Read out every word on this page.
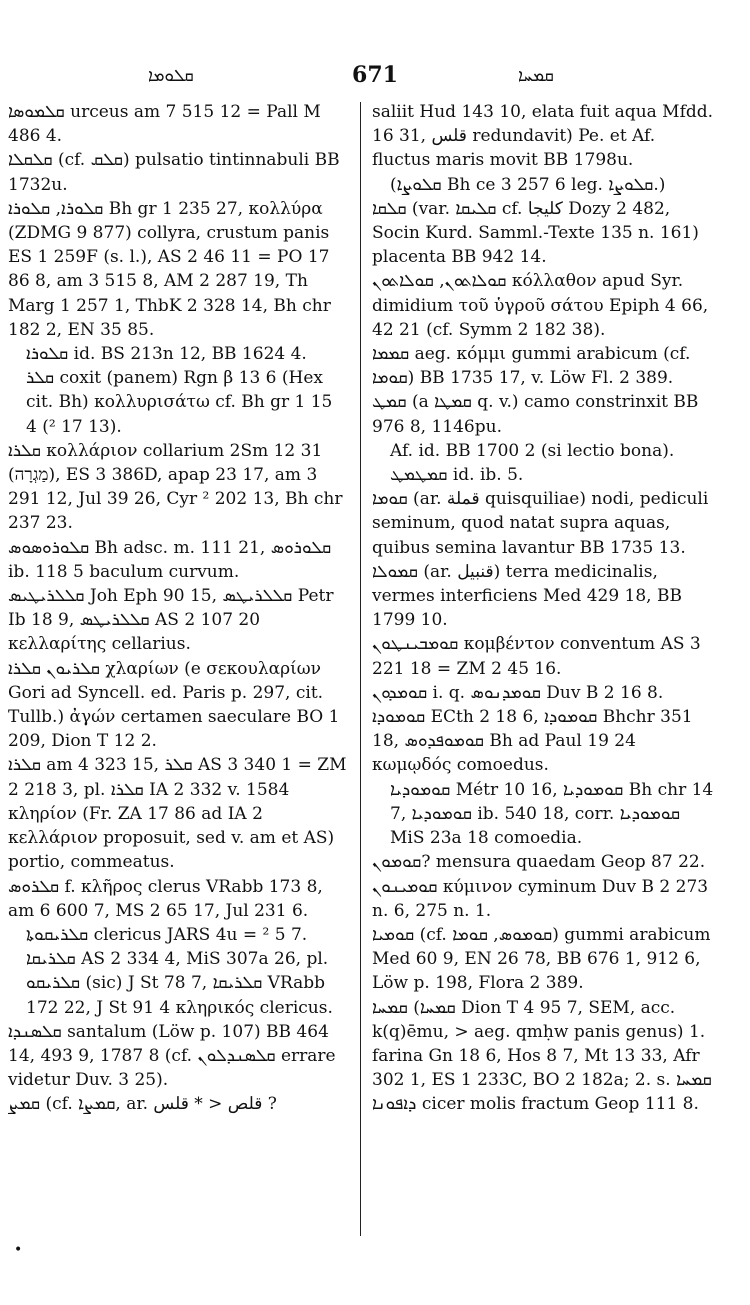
ܩܠܘܡܐ	671	ܩܡܚܐ
ܩܠܡܘܣܐ urceus am 7 515 12 = Pall M 486 4.
ܩܠܩܠܐ (cf. ܩܠܩ) pulsatio tintinnabuli BB 1732u.
ܩܠܘܪܐ, ܩܠܘܪܐ Bh gr 1 235 27, κολλύρα (ZDMG 9 877) collyra, crustum panis ES 1 259F (s. l.), AS 2 46 11 = PO 17 86 8, am 3 515 8, AM 2 287 19, Th Marg 1 257 1, ThbK 2 328 14, Bh chr 182 2, EN 35 85.
ܩܠܘܪܐ id. BS 213n 12, BB 1624 4.
ܩܠܪ coxit (panem) Rgn β 13 6 (Hex cit. Bh) κολλυρισάτω cf. Bh gr 1 15 4 (² 17 13).
ܩܠܪܐ κολλάριον collarium 2Sm 12 31 (מַגְרָה), ES 3 386D, apap 23 17, am 3 291 12, Jul 39 26, Cyr ² 202 13, Bh chr 237 23.
ܩܠܘܪܘܣܘܣ Bh adsc. m. 111 21, ܩܠܘܪܘܣ ib. 118 5 baculum curvum.
ܩܠܠܪܝܛܝܣ Joh Eph 90 15, ܩܠܠܪܝܛܣ Petr Ib 18 9, ܩܠܠܪܝܛܣ AS 2 107 20 κελλαρίτης cellarius.
ܩܠܪܝܘܢ ܩܠܪܐ χλαρίων (e σεκουλαρίων Gori ad Syncell. ed. Paris p. 297, cit. Tullb.) ἀγών certamen saeculare BO 1 209, Dion T 12 2.
ܩܠܪܐ am 4 323 15, ܩܠܪ AS 3 340 1 = ZM 2 218 3, pl. ܩܠܪܐ IA 2 332 v. 1584 κληρίον (Fr. ZA 17 86 ad IA 2 κελλάριον proposuit, sed v. am et AS) portio, commeatus.
ܩܠܪܘܣ f. κλῆρος clerus VRabb 173 8, am 6 600 7, MS 2 65 17, Jul 231 6.
ܩܠܪܝܩܘܬܐ clericus JARS 4u = ² 5 7.
ܩܠܪܝܩܐ AS 2 334 4, MiS 307a 26, pl. ܩܠܪܝܩܘ (sic) J St 78 7, ܩܠܪܝܩܐ VRabb 172 22, J St 91 4 κληρικός clericus.
ܩܠܣܢܕܐ santalum (Löw p. 107) BB 464 14, 493 9, 1787 8 (cf. ܩܠܣܢܕܠܘܢ errare videtur Duv. 3 25).
ܩܡܨ (cf. ܩܡܨܐ, ar. قلص < * قلس ?
saliit Hud 143 10, elata fuit aqua Mfdd. 16 31, قلس redundavit) Pe. et Af. fluctus maris movit BB 1798u.
(ܩܠܘܨܐ Bh ce 3 257 6 leg. ܩܠܘܨܐ.)
ܩܠܩܐ (var. ܩܠܝܩܐ cf. كليجا Dozy 2 482, Socin Kurd. Samml.-Texte 135 n. 161) placenta BB 942 14.
ܩܘܠܐܬܘܢ, ܩܘܠܐܬܘܢ κόλλαθον apud Syr. dimidium τοῦ ὑγροῦ σάτου Epiph 4 66, 42 21 (cf. Symm 2 182 38).
ܩܡܡܐ aeg. κόμμι gummi arabicum (cf. ܩܘܡܐ) BB 1735 17, v. Löw Fl. 2 389.
ܩܡܛ (a ܩܡܛܐ q. v.) camo constrinxit BB 976 8, 1146pu.
Af. id. BB 1700 2 (si lectio bona).
ܩܡܛܡܛ id. ib. 5.
ܩܘܡܐ (ar. قملة quisquiliae) nodi, pediculi seminum, quod natat supra aquas, quibus semina lavantur BB 1735 13.
ܩܡܘܠܐ (ar. قنبيل) terra medicinalis, vermes interficiens Med 429 18, BB 1799 10.
ܩܘܡܒܝܢܛܘܢ κομβέντον conventum AS 3 221 18 = ZM 2 45 16.
ܩܘܡܕܘܢ i. q. ܩܘܡܕܢܘܣ Duv B 2 16 8.
ܩܘܡܘܕܐ ECth 2 18 6, ܩܘܡܘܕܐ Bhchr 351 18, ܩܘܡܘܦܕܘܣ Bh ad Paul 19 24 κωμῳδός comoedus.
ܩܘܡܘܕܝܐ Métr 10 16, ܩܘܡܘܕܝܐ Bh chr 14 7, ܩܘܡܘܕܝܐ ib. 540 18, corr. ܩܘܡܘܕܝܐ MiS 23a 18 comoedia.
ܩܘܡܘܢ? mensura quaedam Geop 87 22.
ܩܘܡܝܢܘܢ κύμινον cyminum Duv B 2 273 n. 6, 275 n. 1.
ܩܘܡܝܐ (cf. ܩܘܡܘܣ, ܩܘܡܐ) gummi arabicum Med 60 9, EN 26 78, BB 676 1, 912 6, Löw p. 198, Flora 2 389.
ܩܡܚܐ (ܩܡܚܐ Dion T 4 95 7, SEM, acc. k(q)ēmu, > aeg. qmḥw panis genus) 1. farina Gn 18 6, Hos 8 7, Mt 13 33, Afr 302 1, ES 1 233C, BO 2 182a; 2. s. ܩܡܚܐ ܕܐܦܘܢܐ cicer molis fractum Geop 111 8.
•
